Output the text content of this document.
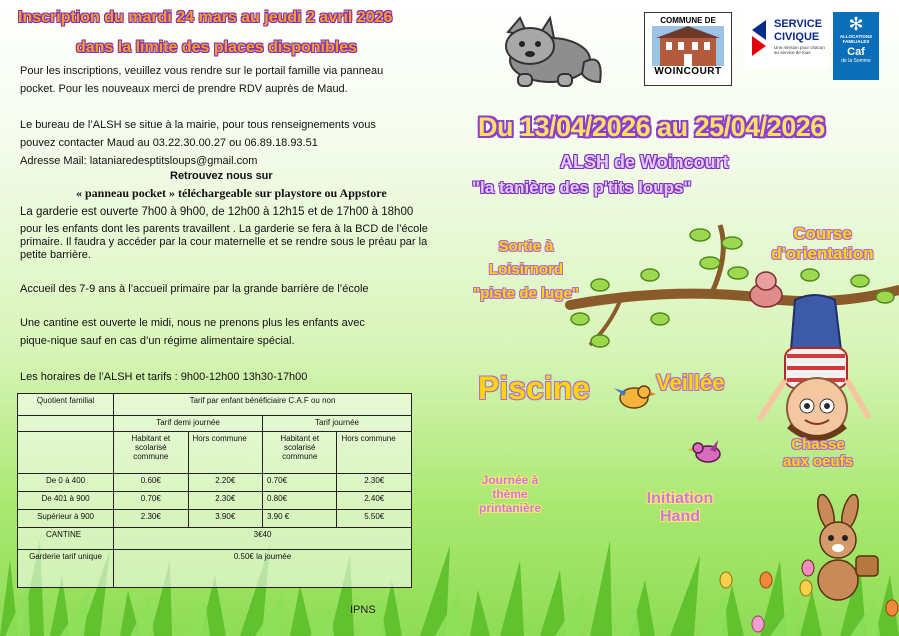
Inscription du mardi 24 mars au jeudi 2 avril 2026
dans la limite des places disponibles
Pour les inscriptions, veuillez vous rendre sur le portail famille via panneau
pocket. Pour les nouveaux merci de prendre RDV auprès de Maud.
Le bureau de l’ALSH se situe à la mairie, pour tous renseignements vous
pouvez contacter Maud au 03.22.30.00.27 ou 06.89.18.93.51
Adresse Mail: lataniaredesptitsloups@gmail.com
Retrouvez nous sur
« panneau pocket » téléchargeable sur playstore ou Appstore
La garderie est ouverte 7h00 à 9h00, de 12h00 à 12h15 et de 17h00 à 18h00
pour les enfants dont les parents travaillent . La garderie se fera à la BCD de l’école
primaire. Il faudra y accéder par la cour maternelle et se rendre sous le préau par la
petite barrière.
Accueil des 7-9 ans à l’accueil primaire par la grande barrière de l’école
Une cantine est ouverte le midi, nous ne prenons plus les enfants avec
pique-nique sauf en cas d’un régime alimentaire spécial.
Les horaires de l’ALSH et tarifs : 9h00-12h00 13h30-17h00
Quotient familial	Tarif par enfant bénéficiaire C.A.F ou non			
	Tarif demi journée		Tarif journée	
	Habitant et scolarisé commune	Hors commune	Habitant et scolarisé commune	Hors commune
De 0 à 400	0.60€	2.20€	0.70€	2.30€
De 401 à 900	0.70€	2.30€	0.80€	2.40€
Supérieur à 900	2.30€	3.90€	3.90 €	5.50€
CANTINE	3€40			
Garderie tarif unique	0.50€ la journée			
IPNS
COMMUNE DE
WOINCOURT
SERVICE
CIVIQUE
Une mission pour chacun au service de tous
✻
ALLOCATIONS
FAMILIALES
Caf
de la Somme
Du 13/04/2026 au 25/04/2026
ALSH de Woincourt
"la tanière des p'tits loups"
Sortie à
Loisirnord
"piste de luge"
Course d'orientation
Piscine	Veillée
Chasse
aux oeufs
Journée à
thème
printanière
Initiation
Hand
